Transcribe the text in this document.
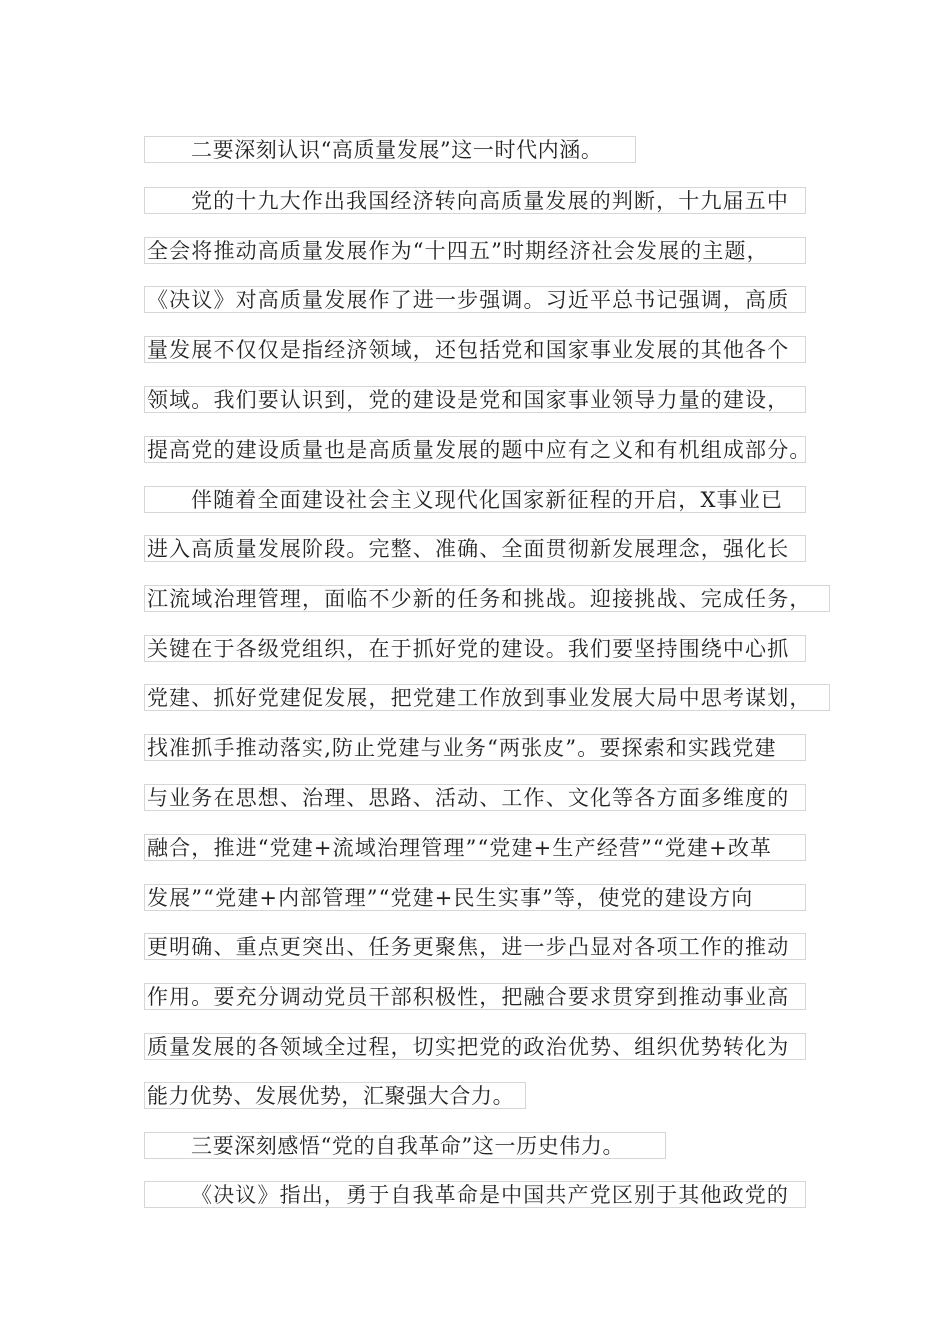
二要深刻认识“高质量发展”这一时代内涵。
党的十九大作出我国经济转向高质量发展的判断，十九届五中
全会将推动高质量发展作为“十四五”时期经济社会发展的主题，
《决议》对高质量发展作了进一步强调。习近平总书记强调，高质
量发展不仅仅是指经济领域，还包括党和国家事业发展的其他各个
领域。我们要认识到，党的建设是党和国家事业领导力量的建设，
提高党的建设质量也是高质量发展的题中应有之义和有机组成部分。
伴随着全面建设社会主义现代化国家新征程的开启，X事业已
进入高质量发展阶段。完整、准确、全面贯彻新发展理念，强化长
江流域治理管理，面临不少新的任务和挑战。迎接挑战、完成任务，
关键在于各级党组织，在于抓好党的建设。我们要坚持围绕中心抓
党建、抓好党建促发展，把党建工作放到事业发展大局中思考谋划，
找准抓手推动落实,防止党建与业务“两张皮”。要探索和实践党建
与业务在思想、治理、思路、活动、工作、文化等各方面多维度的
融合，推进“党建+流域治理管理”“党建+生产经营”“党建+改革
发展”“党建+内部管理”“党建+民生实事”等，使党的建设方向
更明确、重点更突出、任务更聚焦，进一步凸显对各项工作的推动
作用。要充分调动党员干部积极性，把融合要求贯穿到推动事业高
质量发展的各领域全过程，切实把党的政治优势、组织优势转化为
能力优势、发展优势，汇聚强大合力。
三要深刻感悟“党的自我革命”这一历史伟力。
《决议》指出，勇于自我革命是中国共产党区别于其他政党的
